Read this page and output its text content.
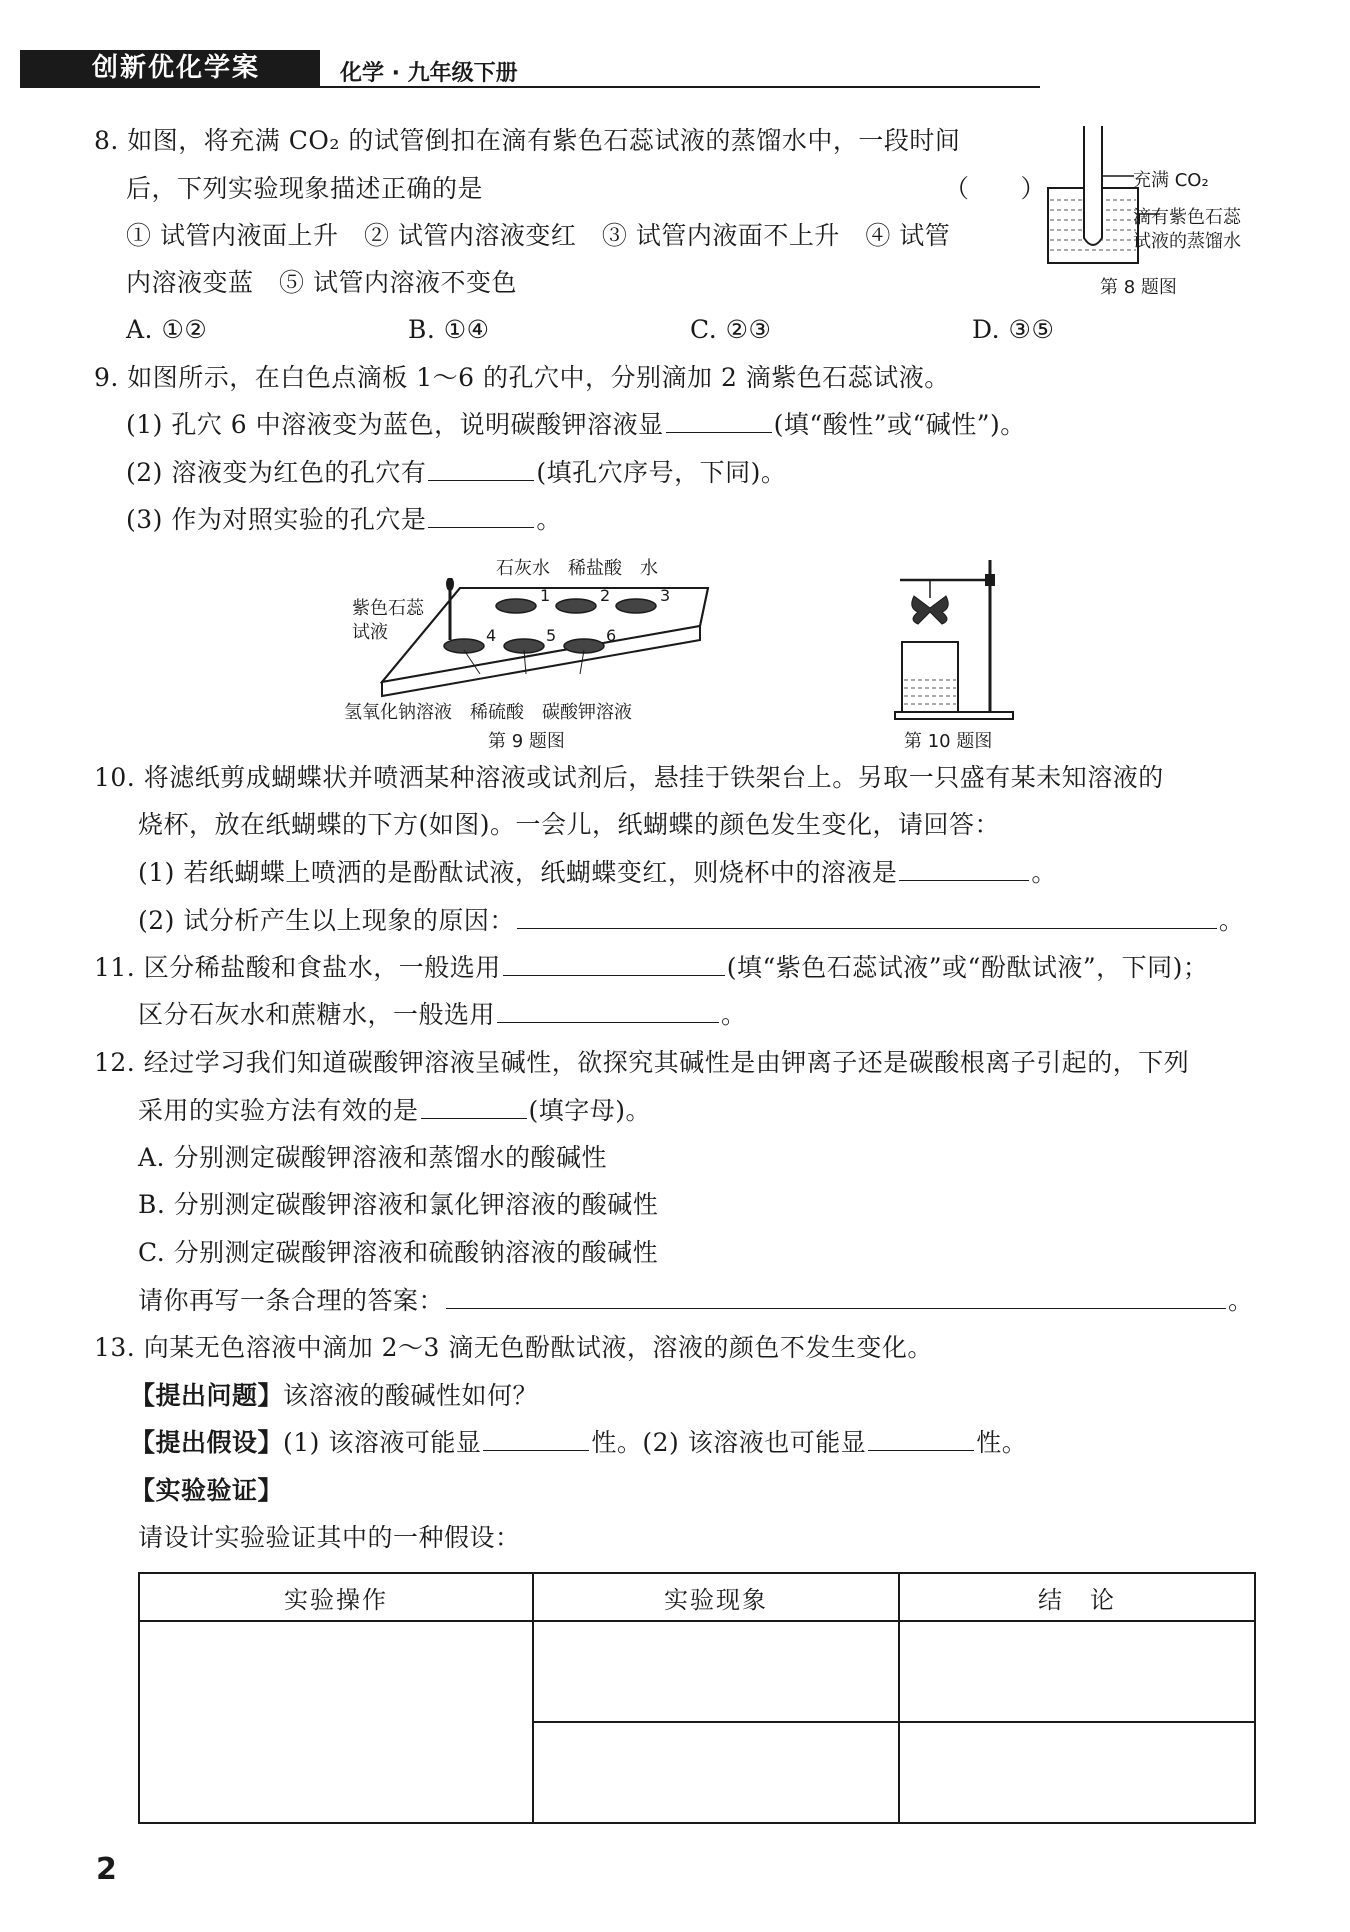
创新优化学案	化学 · 九年级下册
8. 如图，将充满 CO₂ 的试管倒扣在滴有紫色石蕊试液的蒸馏水中，一段时间
后，下列实验现象描述正确的是	（　　）
① 试管内液面上升　② 试管内溶液变红　③ 试管内液面不上升　④ 试管
内溶液变蓝　⑤ 试管内溶液不变色
A. ①②	B. ①④	C. ②③	D. ③⑤
充满 CO₂
滴有紫色石蕊
试液的蒸馏水
第 8 题图
9. 如图所示，在白色点滴板 1～6 的孔穴中，分别滴加 2 滴紫色石蕊试液。
(1) 孔穴 6 中溶液变为蓝色，说明碳酸钾溶液显	(填“酸性”或“碱性”)。
(2) 溶液变为红色的孔穴有	(填孔穴序号，下同)。
(3) 作为对照实验的孔穴是	。
石灰水　稀盐酸　水
紫色石蕊
试液
1	2	3
4	5	6
氢氧化钠溶液　稀硫酸　碳酸钾溶液
第 9 题图	第 10 题图
10. 将滤纸剪成蝴蝶状并喷洒某种溶液或试剂后，悬挂于铁架台上。另取一只盛有某未知溶液的
烧杯，放在纸蝴蝶的下方(如图)。一会儿，纸蝴蝶的颜色发生变化，请回答：
(1) 若纸蝴蝶上喷洒的是酚酞试液，纸蝴蝶变红，则烧杯中的溶液是	。
(2) 试分析产生以上现象的原因：	。
11. 区分稀盐酸和食盐水，一般选用	(填“紫色石蕊试液”或“酚酞试液”，下同)；
区分石灰水和蔗糖水，一般选用	。
12. 经过学习我们知道碳酸钾溶液呈碱性，欲探究其碱性是由钾离子还是碳酸根离子引起的，下列
采用的实验方法有效的是	(填字母)。
A. 分别测定碳酸钾溶液和蒸馏水的酸碱性
B. 分别测定碳酸钾溶液和氯化钾溶液的酸碱性
C. 分别测定碳酸钾溶液和硫酸钠溶液的酸碱性
请你再写一条合理的答案：	。
13. 向某无色溶液中滴加 2～3 滴无色酚酞试液，溶液的颜色不发生变化。
【提出问题】该溶液的酸碱性如何？
【提出假设】(1) 该溶液可能显	性。(2) 该溶液也可能显	性。
【实验验证】
请设计实验验证其中的一种假设：
实验操作	实验现象	结　论

2
